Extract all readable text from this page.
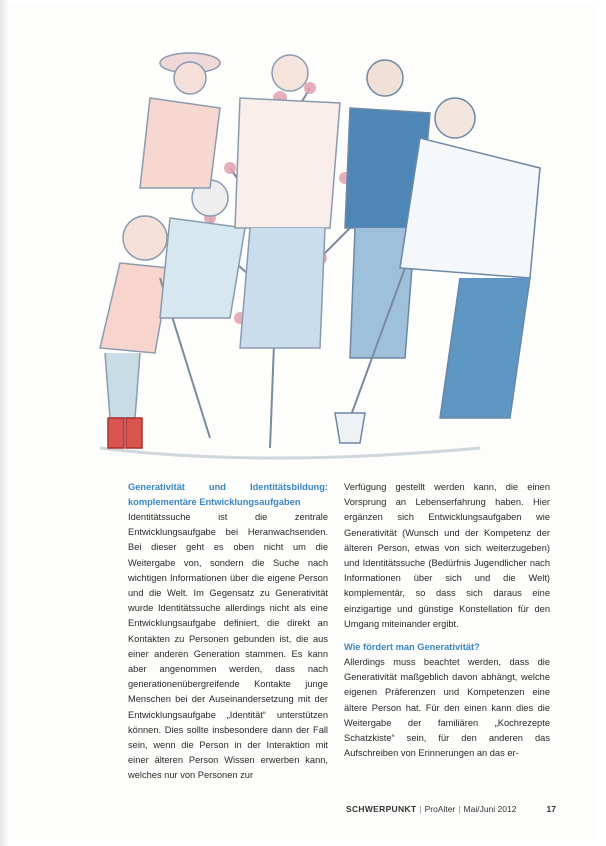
Generativität und Identitätsbildung: komplementäre Entwicklungsaufgaben

Identitätssuche ist die zentrale Entwicklungsaufgabe bei Heranwachsenden. Bei dieser geht es oben nicht um die Weitergabe von, sondern die Suche nach wichtigen Informationen über die eigene Person und die Welt. Im Gegensatz zu Generativität wurde Identitätssuche allerdings nicht als eine Entwicklungsaufgabe definiert, die direkt an Kontakten zu Personen gebunden ist, die aus einer anderen Generation stammen. Es kann aber angenommen werden, dass nach generationenübergreifende Kontakte junge Menschen bei der Auseinandersetzung mit der Entwicklungsaufgabe „Identität“ unterstützen können. Dies sollte insbesondere dann der Fall sein, wenn die Person in der Interaktion mit einer älteren Person Wissen erwerben kann, welches nur von Personen zur

Verfügung gestellt werden kann, die einen Vorsprung an Lebenserfahrung haben. Hier ergänzen sich Entwicklungsaufgaben wie Generativität (Wunsch und der Kompetenz der älteren Person, etwas von sich weiterzugeben) und Identitätssuche (Bedürfnis Jugendlicher nach Informationen über sich und die Welt) komplementär, so dass sich daraus eine einzigartige und günstige Konstellation für den Umgang miteinander ergibt.

Wie fördert man Generativität?

Allerdings muss beachtet werden, dass die Generativität maßgeblich davon abhängt, welche eigenen Präferenzen und Kompetenzen eine ältere Person hat. Für den einen kann dies die Weitergabe der familiären „Kochrezepte Schatzkiste“ sein, für den anderen das Aufschreiben von Erinnerungen an das er-

SCHWERPUNKT | ProAlter | Mai/Juni 2012	17
